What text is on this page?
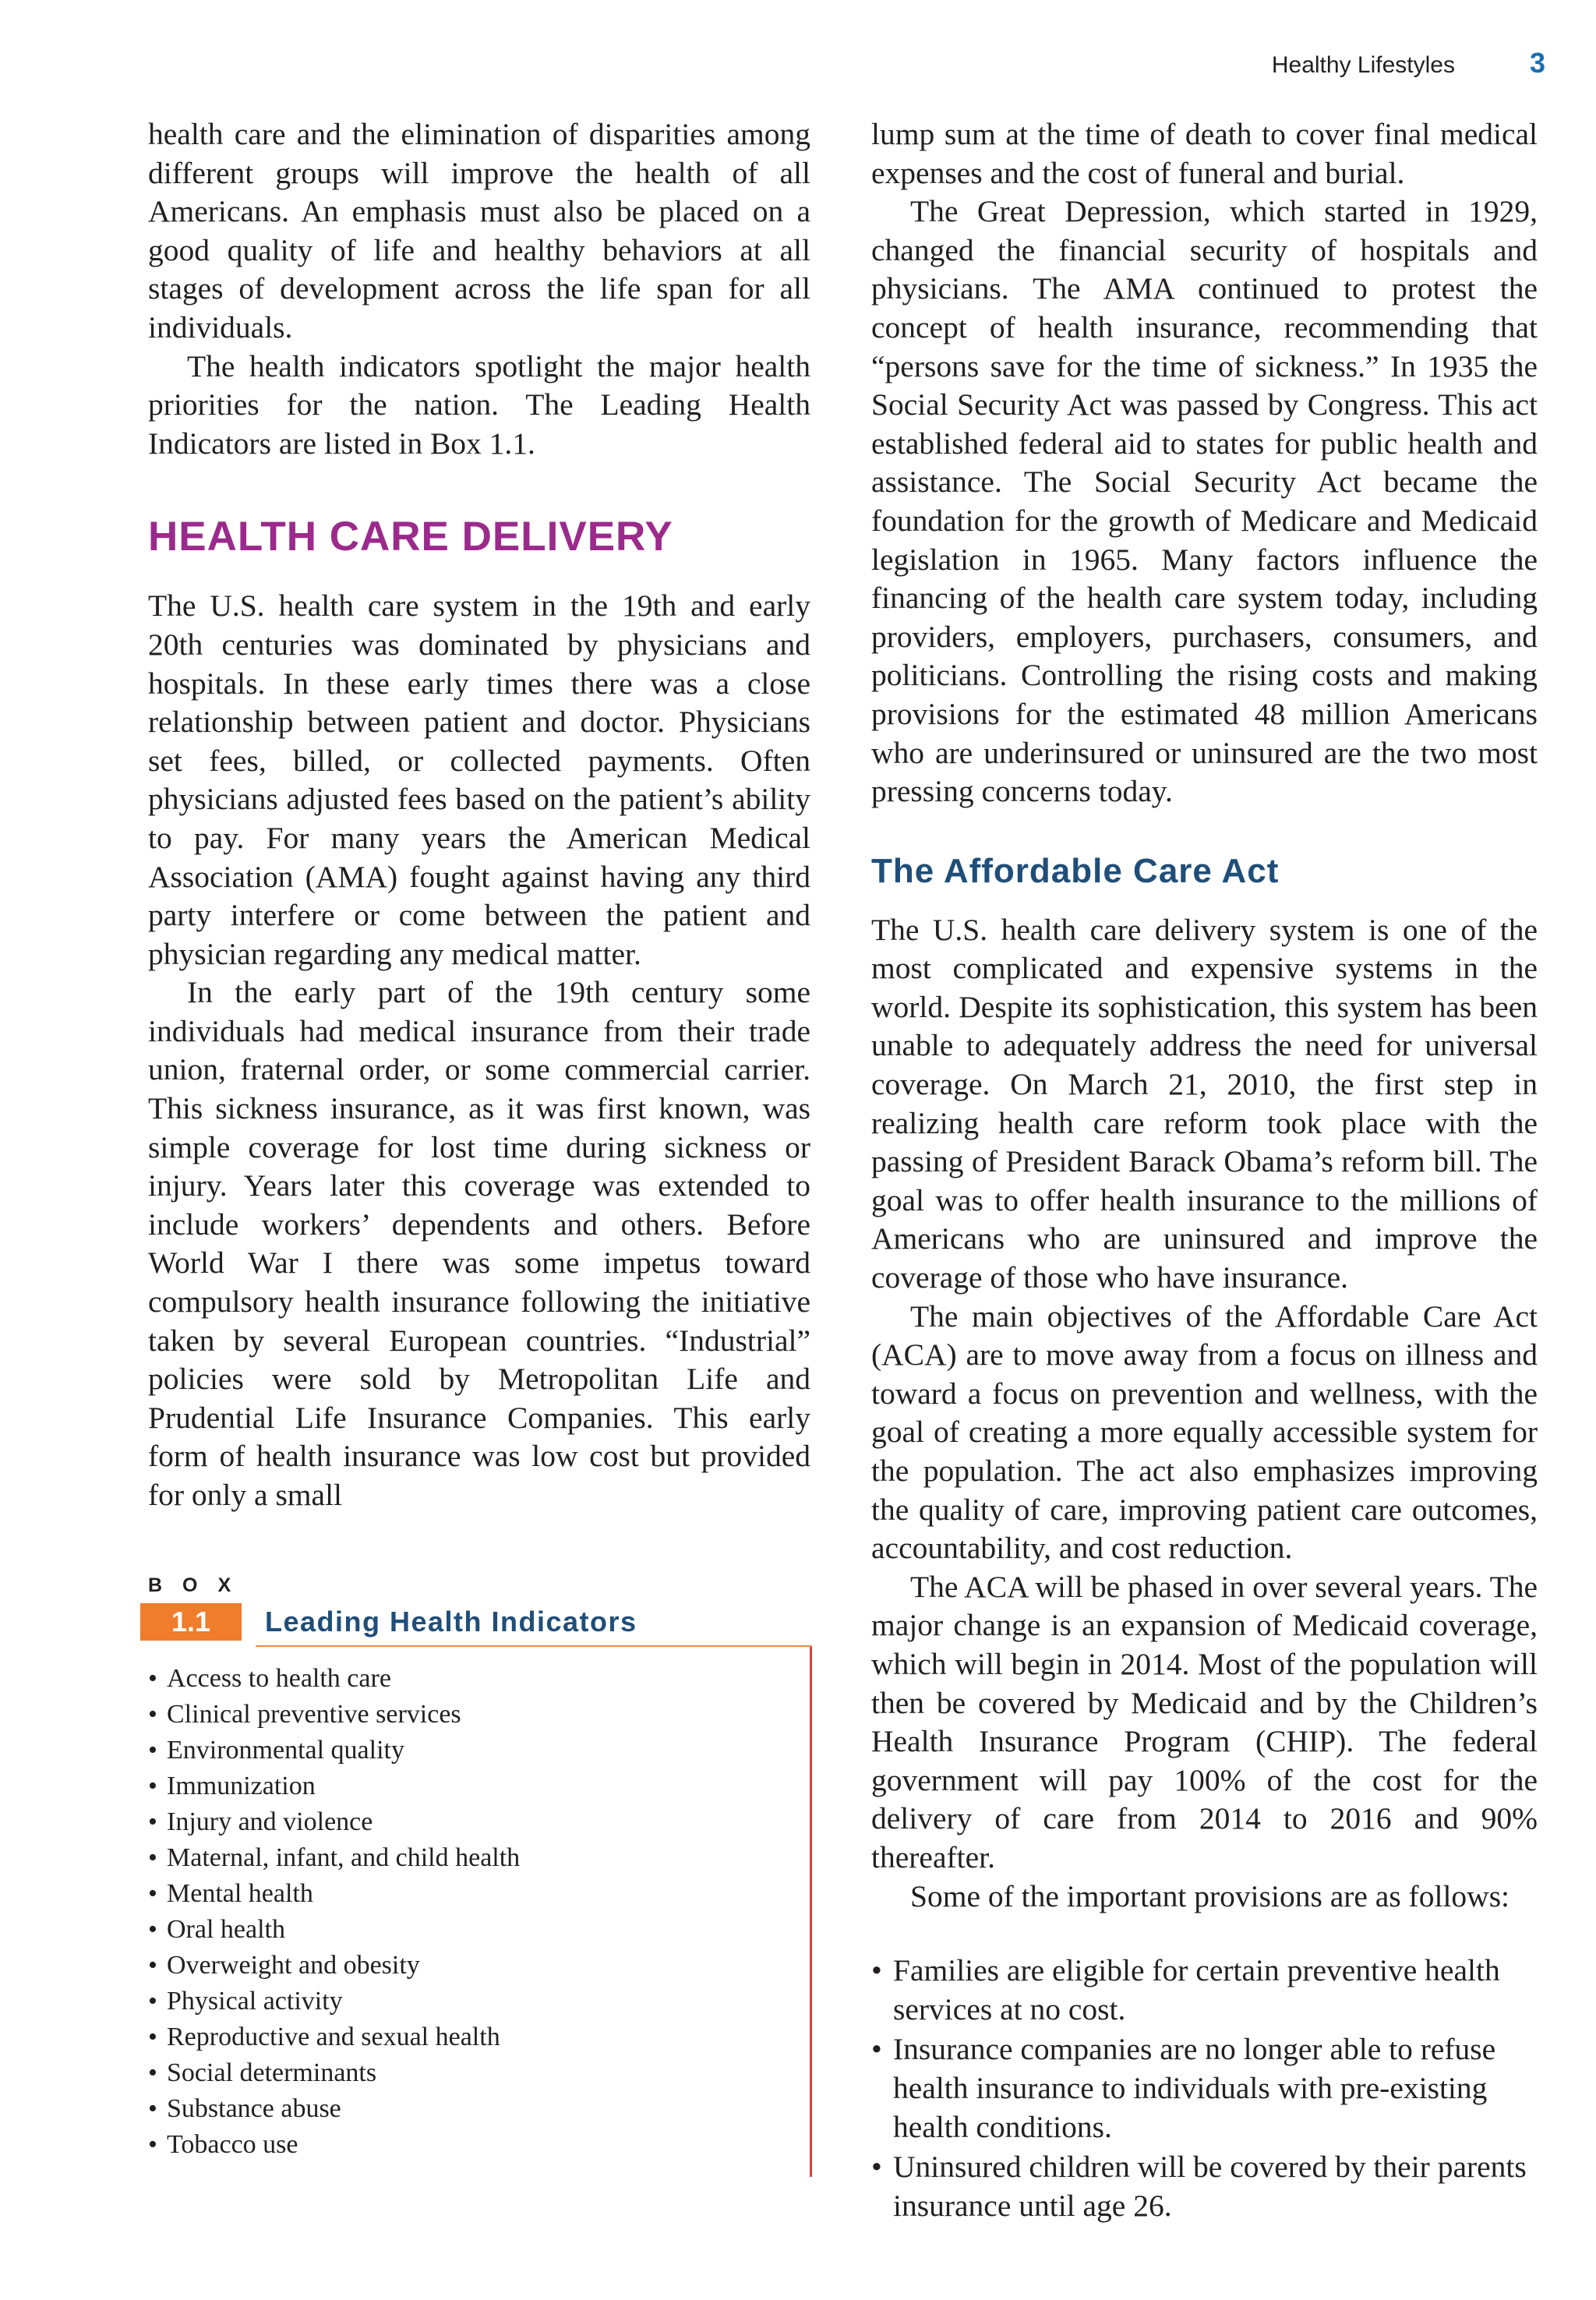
Healthy Lifestyles	3

health care and the elimination of disparities among different groups will improve the health of all Americans. An emphasis must also be placed on a good quality of life and healthy behaviors at all stages of development across the life span for all individuals.

The health indicators spotlight the major health priorities for the nation. The Leading Health Indicators are listed in Box 1.1.

HEALTH CARE DELIVERY

The U.S. health care system in the 19th and early 20th centuries was dominated by physicians and hospitals. In these early times there was a close relationship between patient and doctor. Physicians set fees, billed, or collected payments. Often physicians adjusted fees based on the patient’s ability to pay. For many years the American Medical Association (AMA) fought against having any third party interfere or come between the patient and physician regarding any medical matter.

In the early part of the 19th century some individuals had medical insurance from their trade union, fraternal order, or some commercial carrier. This sickness insurance, as it was first known, was simple coverage for lost time during sickness or injury. Years later this coverage was extended to include workers’ dependents and others. Before World War I there was some impetus toward compulsory health insurance following the initiative taken by several European countries. “Industrial” policies were sold by Metropolitan Life and Prudential Life Insurance Companies. This early form of health insurance was low cost but provided for only a small

BOX
1.1	Leading Health Indicators
• Access to health care
• Clinical preventive services
• Environmental quality
• Immunization
• Injury and violence
• Maternal, infant, and child health
• Mental health
• Oral health
• Overweight and obesity
• Physical activity
• Reproductive and sexual health
• Social determinants
• Substance abuse
• Tobacco use

lump sum at the time of death to cover final medical expenses and the cost of funeral and burial.

The Great Depression, which started in 1929, changed the financial security of hospitals and physicians. The AMA continued to protest the concept of health insurance, recommending that “persons save for the time of sickness.” In 1935 the Social Security Act was passed by Congress. This act established federal aid to states for public health and assistance. The Social Security Act became the foundation for the growth of Medicare and Medicaid legislation in 1965. Many factors influence the financing of the health care system today, including providers, employers, purchasers, consumers, and politicians. Controlling the rising costs and making provisions for the estimated 48 million Americans who are underinsured or uninsured are the two most pressing concerns today.

The Affordable Care Act

The U.S. health care delivery system is one of the most complicated and expensive systems in the world. Despite its sophistication, this system has been unable to adequately address the need for universal coverage. On March 21, 2010, the first step in realizing health care reform took place with the passing of President Barack Obama’s reform bill. The goal was to offer health insurance to the millions of Americans who are uninsured and improve the coverage of those who have insurance.

The main objectives of the Affordable Care Act (ACA) are to move away from a focus on illness and toward a focus on prevention and wellness, with the goal of creating a more equally accessible system for the population. The act also emphasizes improving the quality of care, improving patient care outcomes, accountability, and cost reduction.

The ACA will be phased in over several years. The major change is an expansion of Medicaid coverage, which will begin in 2014. Most of the population will then be covered by Medicaid and by the Children’s Health Insurance Program (CHIP). The federal government will pay 100% of the cost for the delivery of care from 2014 to 2016 and 90% thereafter.

Some of the important provisions are as follows:

• Families are eligible for certain preventive health services at no cost.
• Insurance companies are no longer able to refuse health insurance to individuals with pre-existing health conditions.
• Uninsured children will be covered by their parents insurance until age 26.
